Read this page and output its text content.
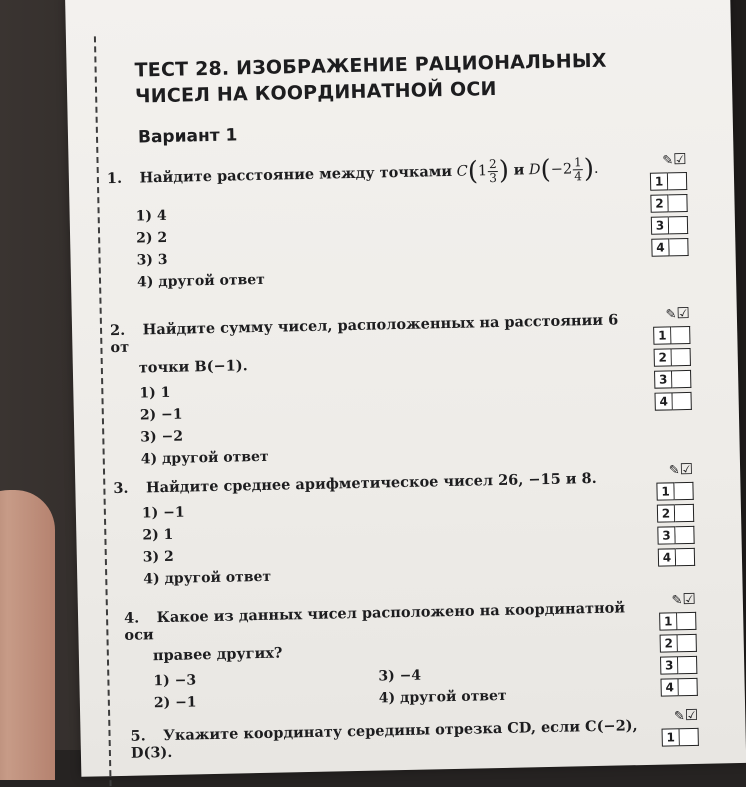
ТЕСТ 28. ИЗОБРАЖЕНИЕ РАЦИОНАЛЬНЫХ
ЧИСЕЛ НА КООРДИНАТНОЙ ОСИ
Вариант 1
1. Найдите расстояние между точками $C(1 \frac{2}{3}$ ) и $D(-2 \frac{1}{4}$ ).
1) 4
2) 2
3) 3
4) другой ответ
2. Найдите сумму чисел, расположенных на расстоянии 6 от
точки B(−1).
1) 1
2) −1
3) −2
4) другой ответ
3. Найдите среднее арифметическое чисел 26, −15 и 8.
1) −1
2) 1
3) 2
4) другой ответ
4. Какое из данных чисел расположено на координатной оси
правее других?
1) −3	3) −4
2) −1	4) другой ответ
5. Укажите координату середины отрезка CD, если C(−2), D(3).
✎☑
1
2
3
4
✎☑
1
2
3
4
✎☑
1
2
3
4
✎☑
1
2
3
4
✎☑
1
